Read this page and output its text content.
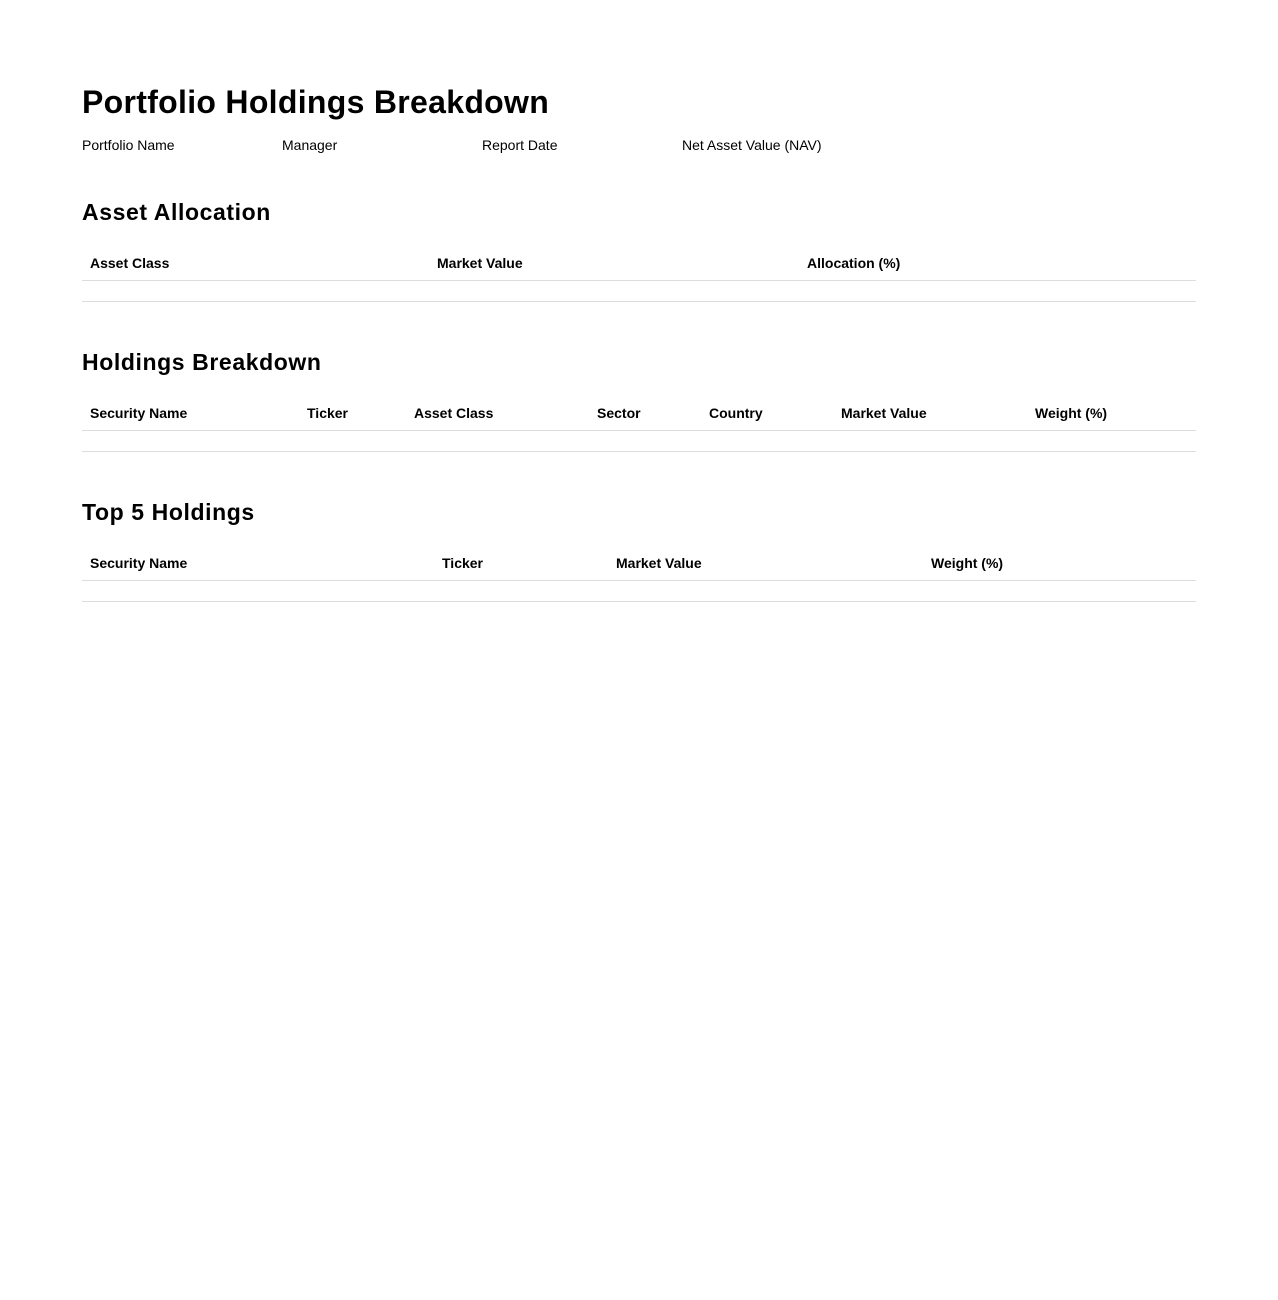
Portfolio Holdings Breakdown
Portfolio Name	Manager	Report Date	Net Asset Value (NAV)
Asset Allocation
Asset Class	Market Value	Allocation (%)

Holdings Breakdown
Security Name	Ticker	Asset Class	Sector	Country	Market Value	Weight (%)

Top 5 Holdings
Security Name	Ticker	Market Value	Weight (%)
